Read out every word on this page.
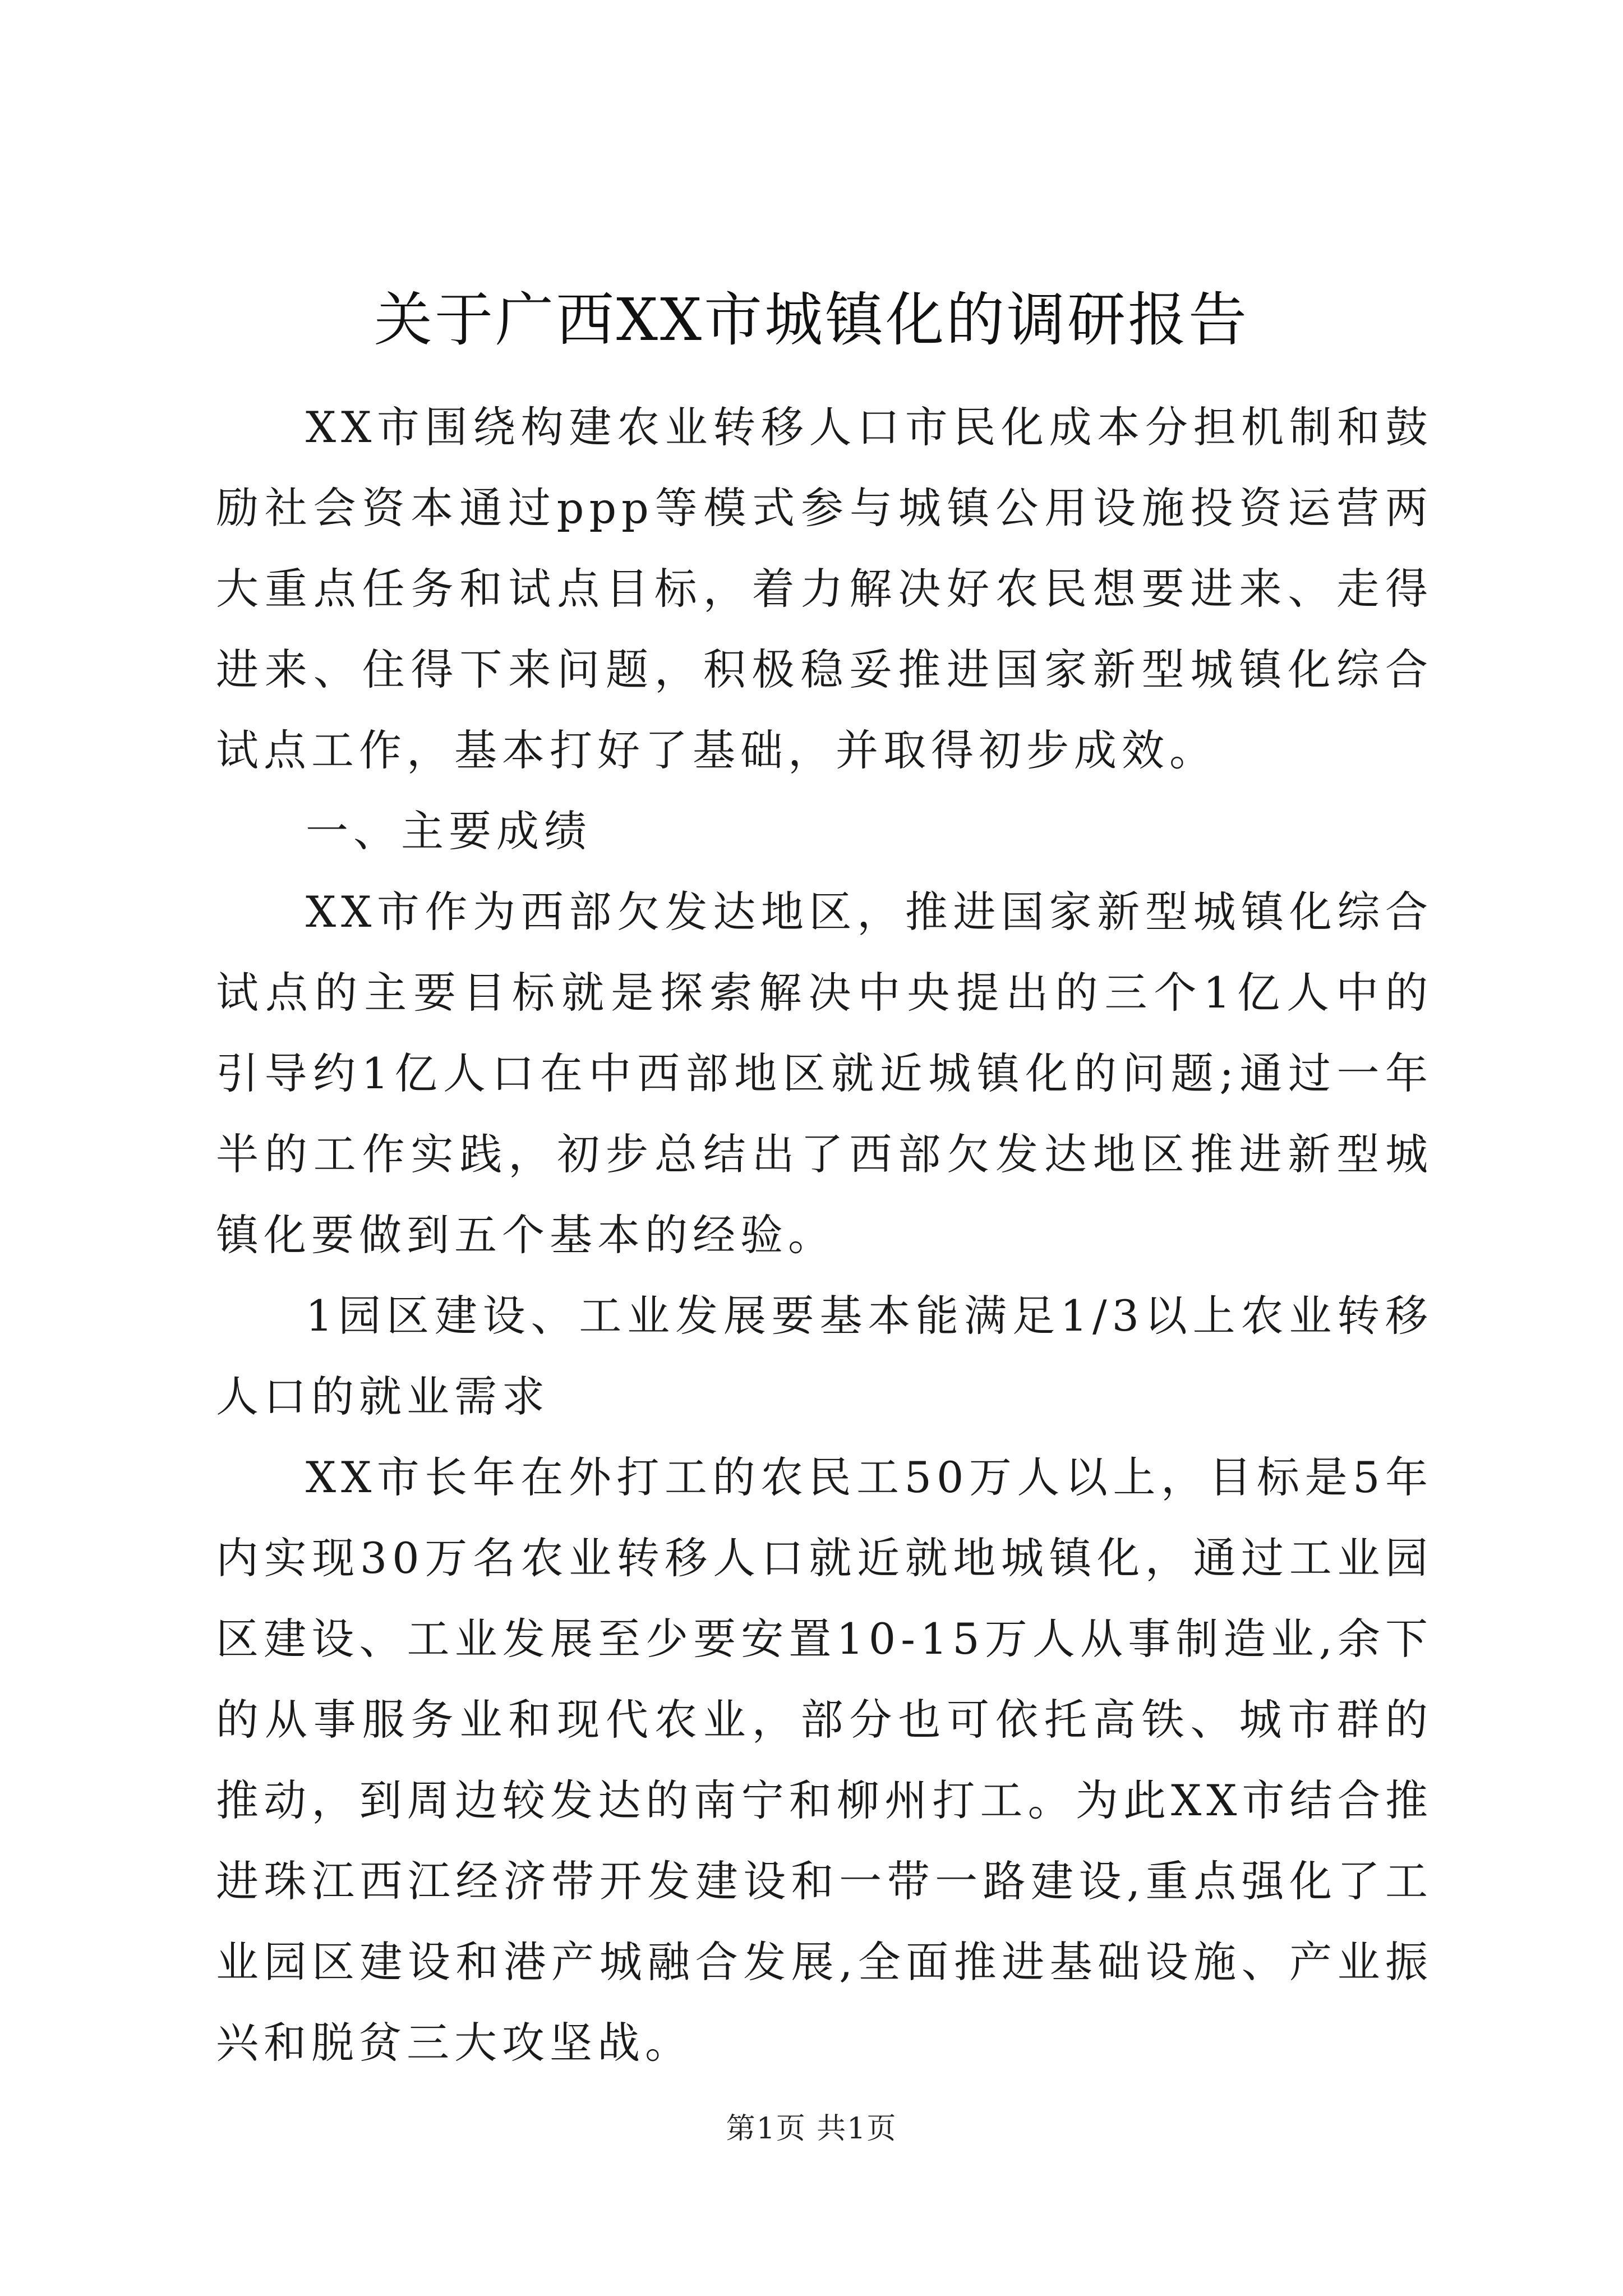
关于广西XX市城镇化的调研报告

XX市围绕构建农业转移人口市民化成本分担机制和鼓励社会资本通过ppp等模式参与城镇公用设施投资运营两大重点任务和试点目标，着力解决好农民想要进来、走得进来、住得下来问题，积极稳妥推进国家新型城镇化综合试点工作，基本打好了基础，并取得初步成效。

一、主要成绩

XX市作为西部欠发达地区，推进国家新型城镇化综合试点的主要目标就是探索解决中央提出的三个1亿人中的引导约1亿人口在中西部地区就近城镇化的问题;通过一年半的工作实践，初步总结出了西部欠发达地区推进新型城镇化要做到五个基本的经验。

1园区建设、工业发展要基本能满足1/3以上农业转移人口的就业需求

XX市长年在外打工的农民工50万人以上，目标是5年内实现30万名农业转移人口就近就地城镇化，通过工业园区建设、工业发展至少要安置10-15万人从事制造业,余下的从事服务业和现代农业，部分也可依托高铁、城市群的推动，到周边较发达的南宁和柳州打工。为此XX市结合推进珠江西江经济带开发建设和一带一路建设,重点强化了工业园区建设和港产城融合发展,全面推进基础设施、产业振兴和脱贫三大攻坚战。

第1页 共1页
